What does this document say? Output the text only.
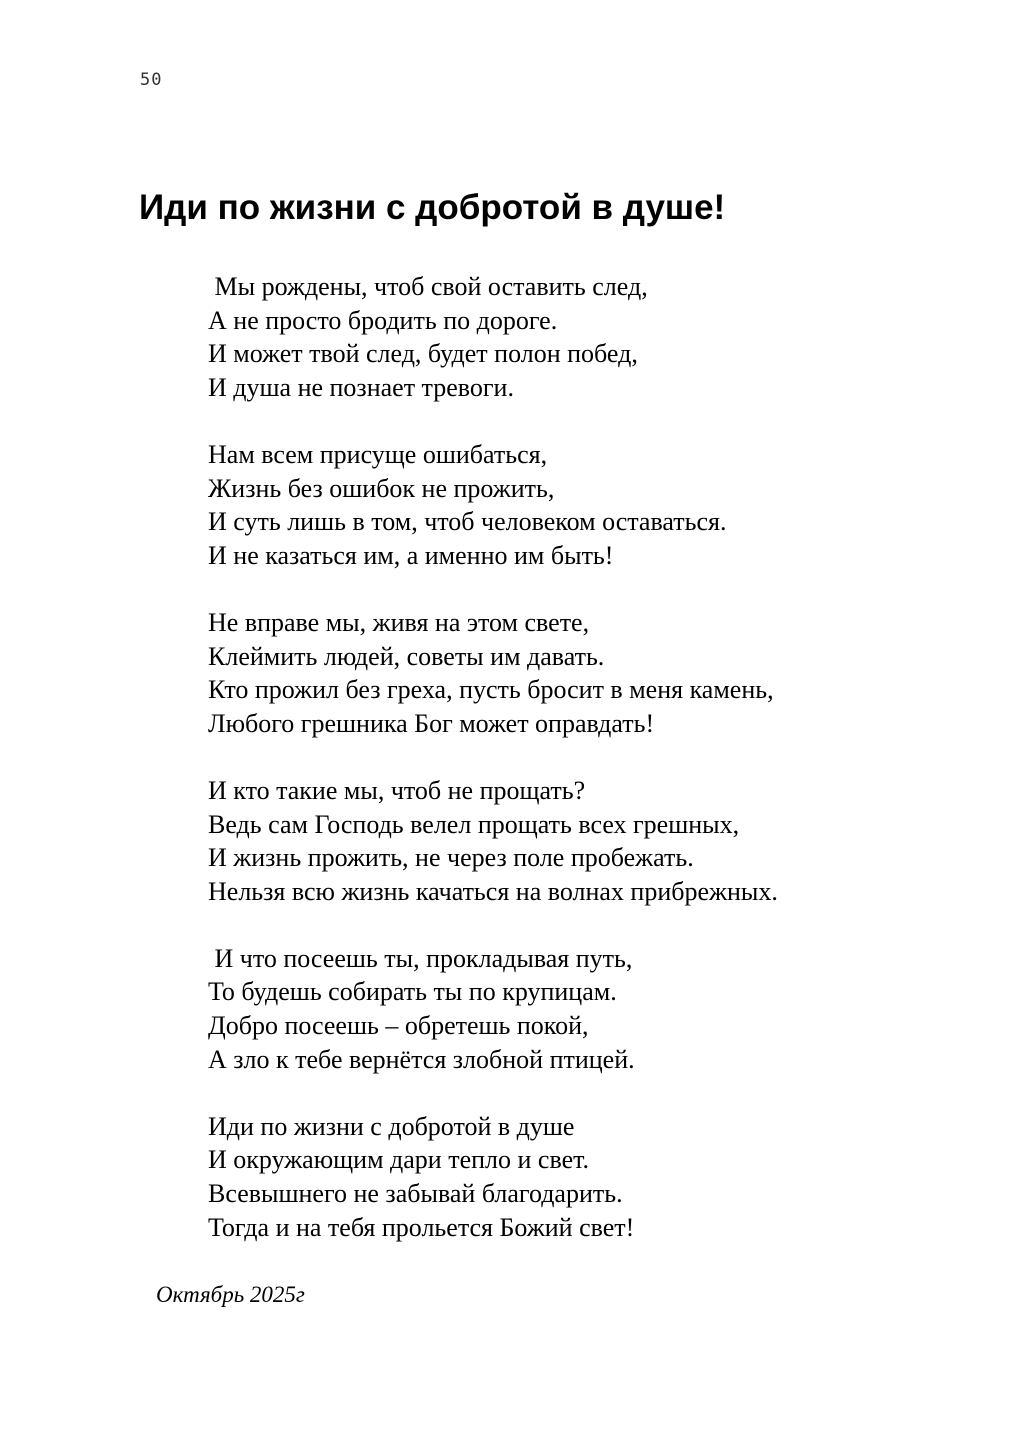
50
Иди по жизни с добротой в душе!

Мы рождены, чтоб свой оставить след,
А не просто бродить по дороге.
И может твой след, будет полон побед,
И душа не познает тревоги.

Нам всем присуще ошибаться,
Жизнь без ошибок не прожить,
И суть лишь в том, чтоб человеком оставаться.
И не казаться им, а именно им быть!

Не вправе мы, живя на этом свете,
Клеймить людей, советы им давать.
Кто прожил без греха, пусть бросит в меня камень,
Любого грешника Бог может оправдать!

И кто такие мы, чтоб не прощать?
Ведь сам Господь велел прощать всех грешных,
И жизнь прожить, не через поле пробежать.
Нельзя всю жизнь качаться на волнах прибрежных.

И что посеешь ты, прокладывая путь,
То будешь собирать ты по крупицам.
Добро посеешь – обретешь покой,
А зло к тебе вернётся злобной птицей.

Иди по жизни с добротой в душе
И окружающим дари тепло и свет.
Всевышнего не забывай благодарить.
Тогда и на тебя прольется Божий свет!

Октябрь 2025г
